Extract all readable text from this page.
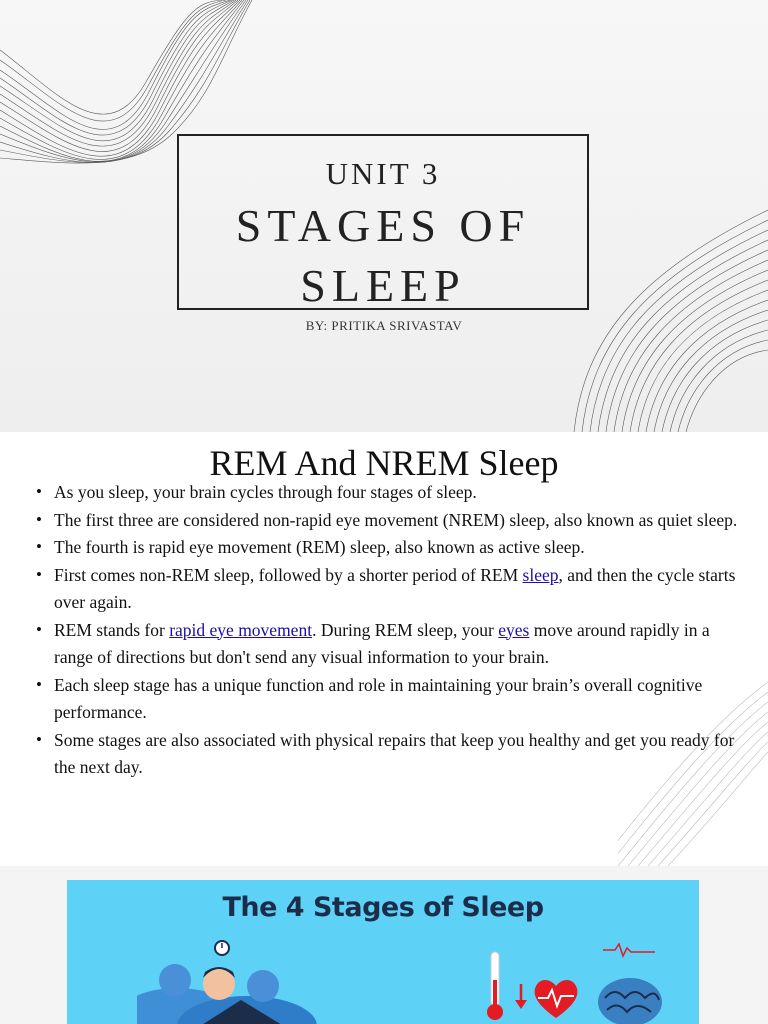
UNIT 3
STAGES OF
SLEEP
BY: PRITIKA SRIVASTAV
REM And NREM Sleep
• As you sleep, your brain cycles through four stages of sleep.
• The first three are considered non-rapid eye movement (NREM) sleep, also known as quiet sleep.
• The fourth is rapid eye movement (REM) sleep, also known as active sleep.
• First comes non-REM sleep, followed by a shorter period of REM sleep, and then the cycle starts over again.
• REM stands for rapid eye movement. During REM sleep, your eyes move around rapidly in a range of directions but don't send any visual information to your brain.
• Each sleep stage has a unique function and role in maintaining your brain’s overall cognitive performance.
• Some stages are also associated with physical repairs that keep you healthy and get you ready for the next day.
The 4 Stages of Sleep
